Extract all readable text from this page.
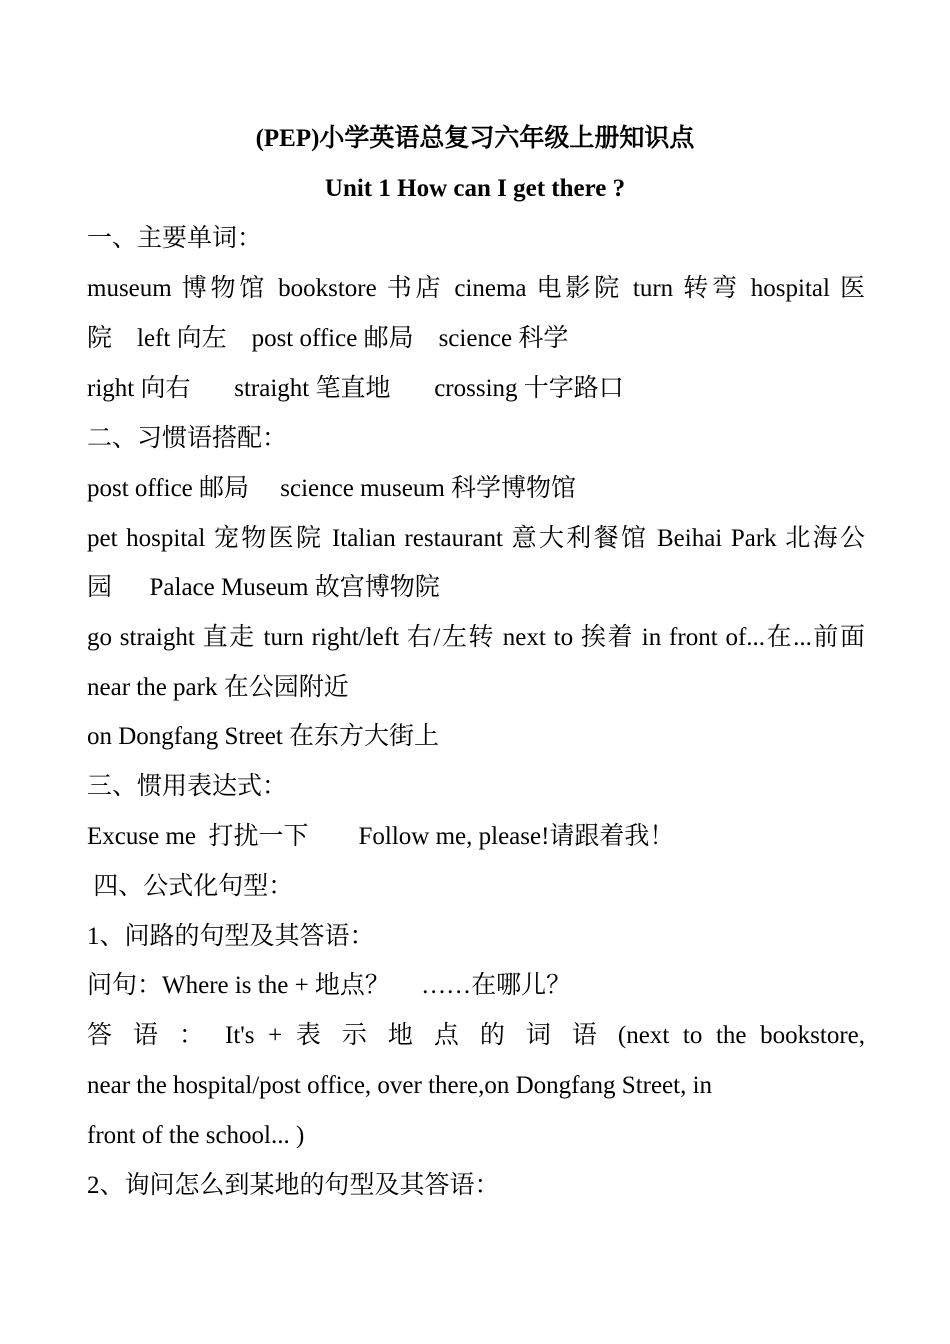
(PEP)小学英语总复习六年级上册知识点
Unit 1 How can I get there ?
一、主要单词：
museum 博物馆 bookstore 书店 cinema 电影院 turn 转弯 hospital 医
院    left 向左    post office 邮局    science 科学
right 向右       straight 笔直地       crossing 十字路口
二、习惯语搭配：
post office 邮局     science museum 科学博物馆
pet hospital 宠物医院 Italian restaurant 意大利餐馆 Beihai Park 北海公
园      Palace Museum 故宫博物院
go straight 直走 turn right/left 右/左转 next to 挨着 in front of...在...前面
near the park 在公园附近
on Dongfang Street 在东方大街上
三、惯用表达式：
Excuse me  打扰一下        Follow me, please!请跟着我！
四、公式化句型：
1、问路的句型及其答语：
问句：Where is the + 地点？     ……在哪儿？
答 语 ： It's + 表 示 地 点 的 词 语 (next to the bookstore,
near the hospital/post office, over there,on Dongfang Street, in
front of the school... )
2、询问怎么到某地的句型及其答语：
